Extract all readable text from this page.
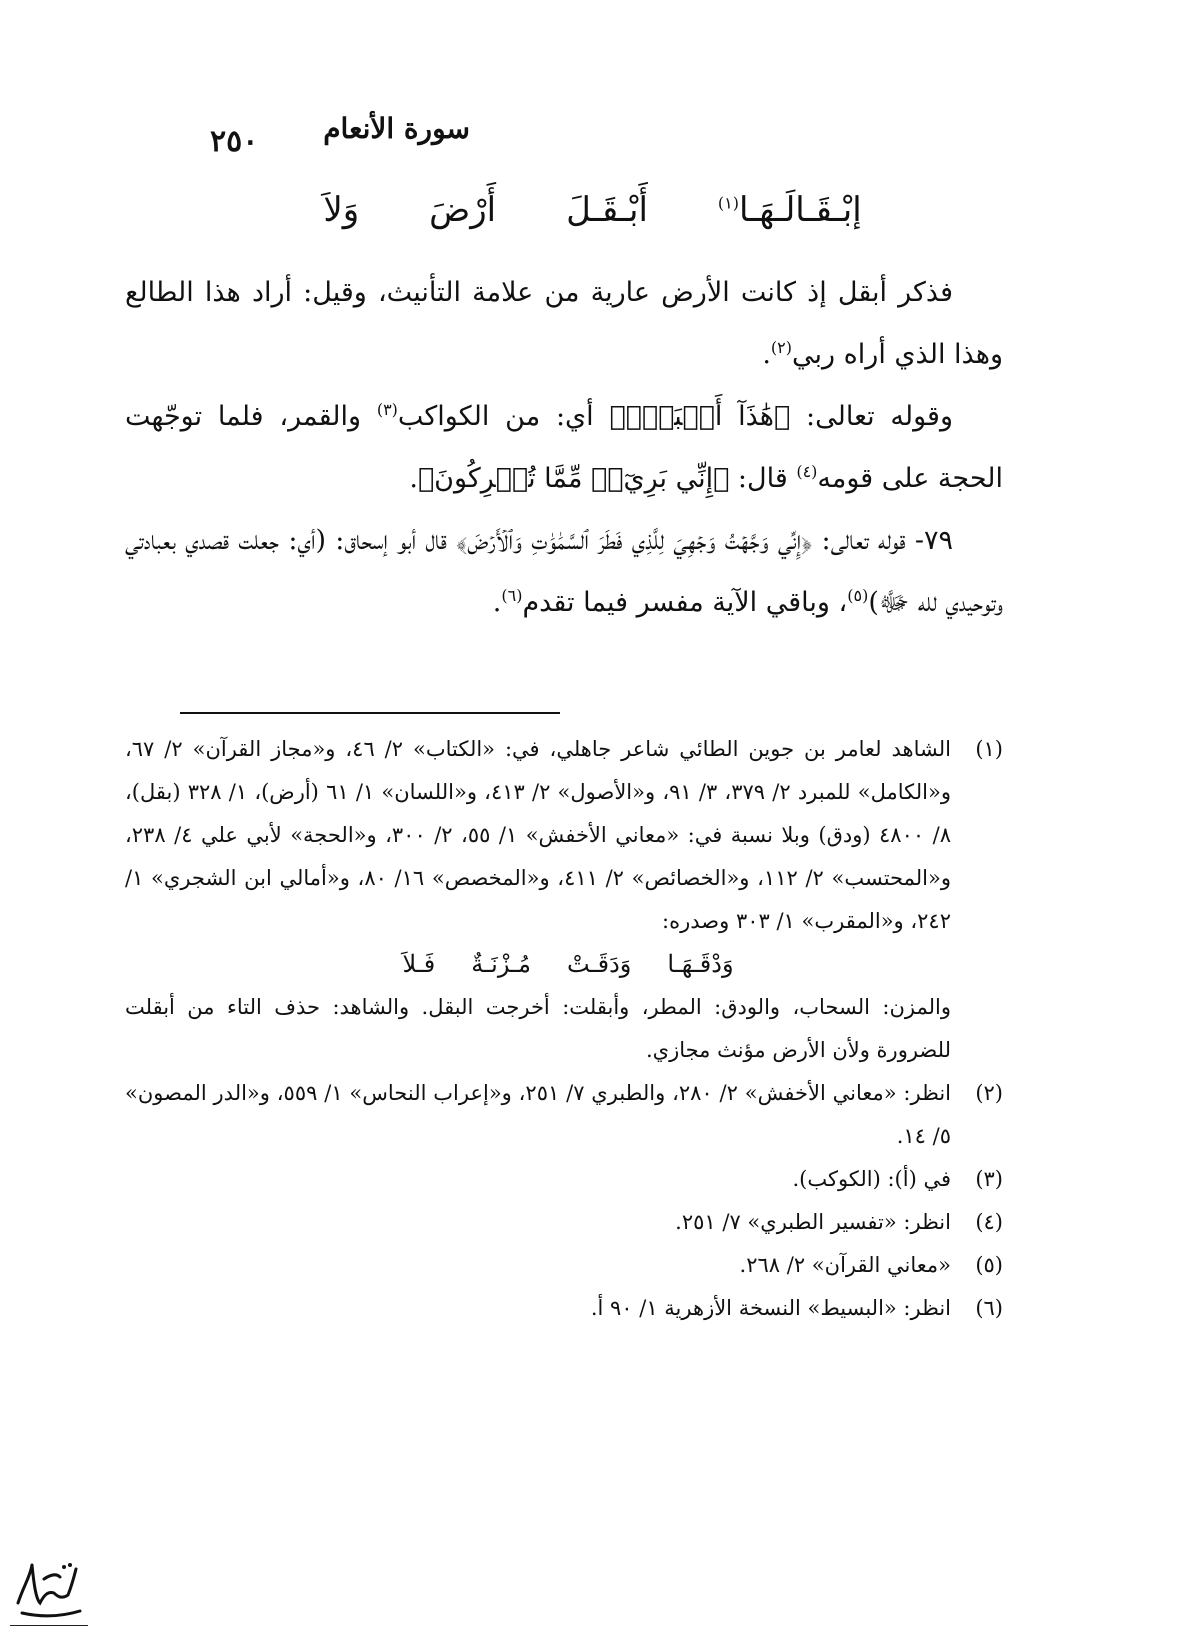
٢٥٠ سورة الأنعام
وَلاَ أَرْضَ أَبْـقَـلَ	إبْـقَـالَـهَـا$^{(١)}$

فذكر أبقل إذ كانت الأرض عارية من علامة التأنيث، وقيل: أراد هذا الطالع وهذا الذي أراه ربي$^{(٢)}$.

وقوله تعالى: ﴿هَٰذَآ أَكۡبَرُۖ﴾ أي: من الكواكب$^{(٣)}$ والقمر، فلما توجّهت الحجة على قومه$^{(٤)}$ قال: ﴿إِنِّي بَرِيٓءٞ مِّمَّا تُشۡرِكُونَ﴾.

٧٩- قوله تعالى: ﴿إِنِّي وَجَّهۡتُ وَجۡهِيَ لِلَّذِي فَطَرَ ٱلسَّمَٰوَٰتِ وَٱلۡأَرۡضَ﴾ قال أبو إسحاق: (أي: جعلت قصدي بعبادتي وتوحيدي لله ﷻ)$^{(٥)}$، وباقي الآية مفسر فيما تقدم$^{(٦)}$.

(١)

الشاهد لعامر بن جوين الطائي شاعر جاهلي، في: «الكتاب» ٢/ ٤٦، و«مجاز القرآن» ٢/ ٦٧، و«الكامل» للمبرد ٢/ ٣٧٩، ٣/ ٩١، و«الأصول» ٢/ ٤١٣، و«اللسان» ١/ ٦١ (أرض)، ١/ ٣٢٨ (بقل)، ٨/ ٤٨٠٠ (ودق) وبلا نسبة في: «معاني الأخفش» ١/ ٥٥، ٢/ ٣٠٠، و«الحجة» لأبي علي ٤/ ٢٣٨، و«المحتسب» ٢/ ١١٢، و«الخصائص» ٢/ ٤١١، و«المخصص» ١٦/ ٨٠، و«أمالي ابن الشجري» ١/ ٢٤٢، و«المقرب» ١/ ٣٠٣ وصدره:

فَـلاَ مُـزْنَـةٌ وَدَقَـتْ وَدْقَـهَـا

والمزن: السحاب، والودق: المطر، وأبقلت: أخرجت البقل. والشاهد: حذف التاء من أبقلت للضرورة ولأن الأرض مؤنث مجازي.

(٢)
انظر: «معاني الأخفش» ٢/ ٢٨٠، والطبري ٧/ ٢٥١، و«إعراب النحاس» ١/ ٥٥٩، و«الدر المصون» ٥/ ١٤.
(٣)
في (أ): (الكوكب).
(٤)
انظر: «تفسير الطبري» ٧/ ٢٥١.
(٥)
«معاني القرآن» ٢/ ٢٦٨.
(٦)
انظر: «البسيط» النسخة الأزهرية ١/ ٩٠ أ.
